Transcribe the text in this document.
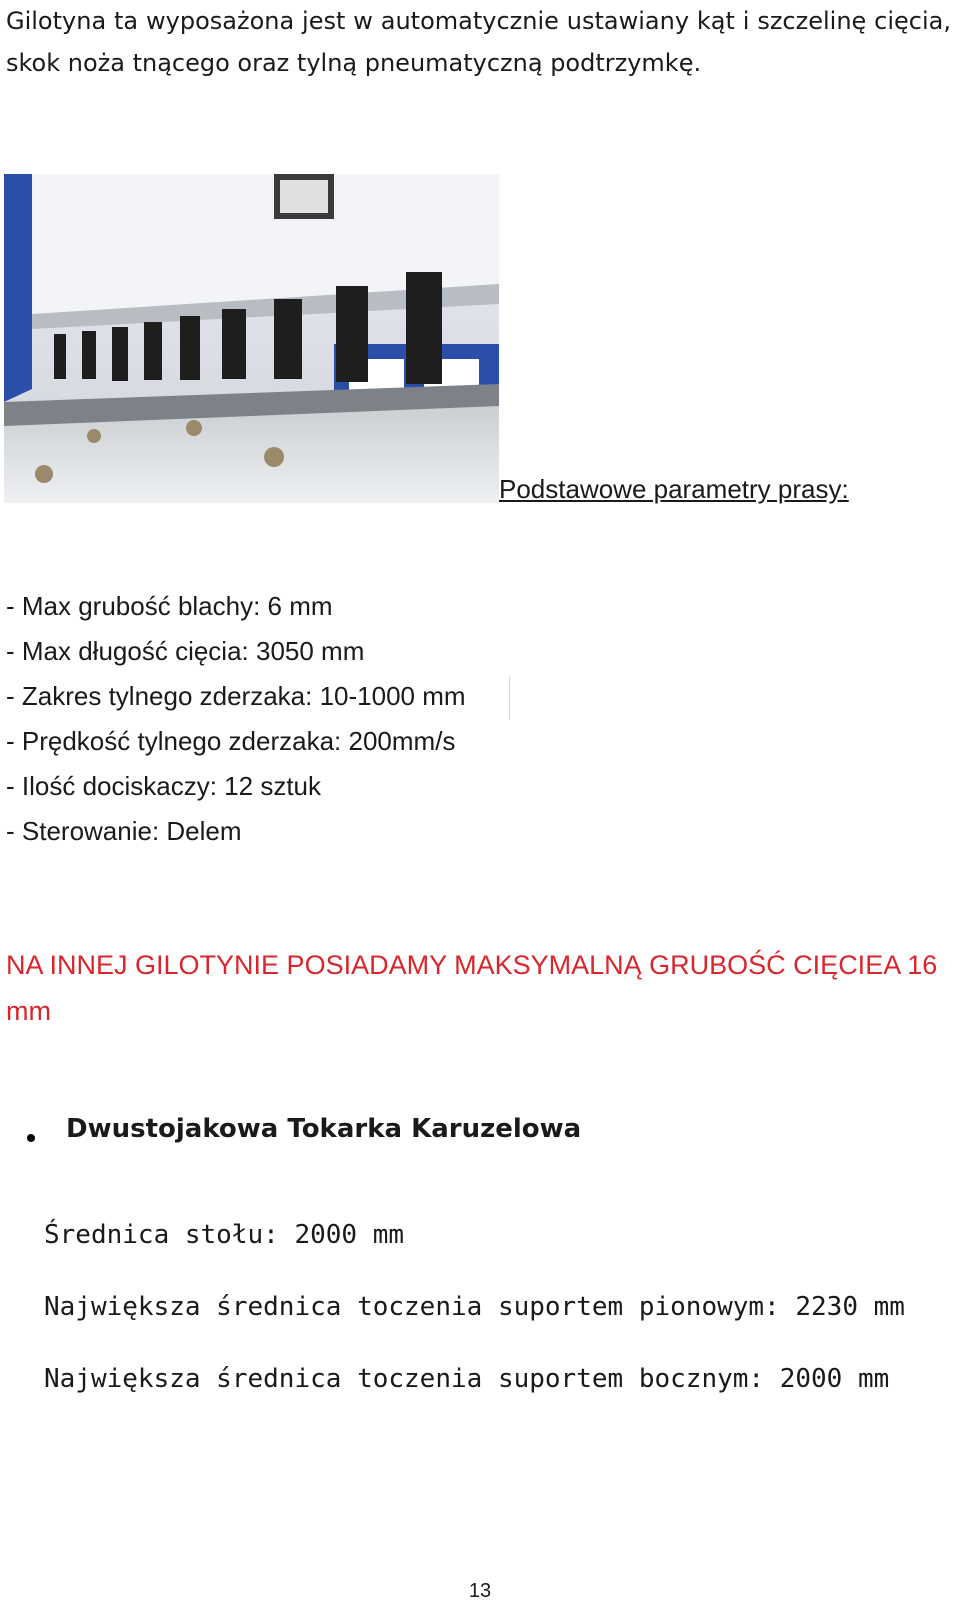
Gilotyna ta wyposażona jest w automatycznie ustawiany kąt i szczelinę cięcia, skok noża tnącego oraz tylną pneumatyczną podtrzymkę.
Podstawowe parametry prasy:
- Max grubość blachy: 6 mm
- Max długość cięcia: 3050 mm
- Zakres tylnego zderzaka: 10-1000 mm
- Prędkość tylnego zderzaka: 200mm/s
- Ilość dociskaczy: 12 sztuk
- Sterowanie: Delem
NA INNEJ GILOTYNIE POSIADAMY MAKSYMALNĄ GRUBOŚĆ CIĘCIEA 16 mm
Dwustojakowa Tokarka Karuzelowa
Średnica stołu: 2000 mm
Największa średnica toczenia suportem pionowym: 2230 mm
Największa średnica toczenia suportem bocznym: 2000 mm
13
